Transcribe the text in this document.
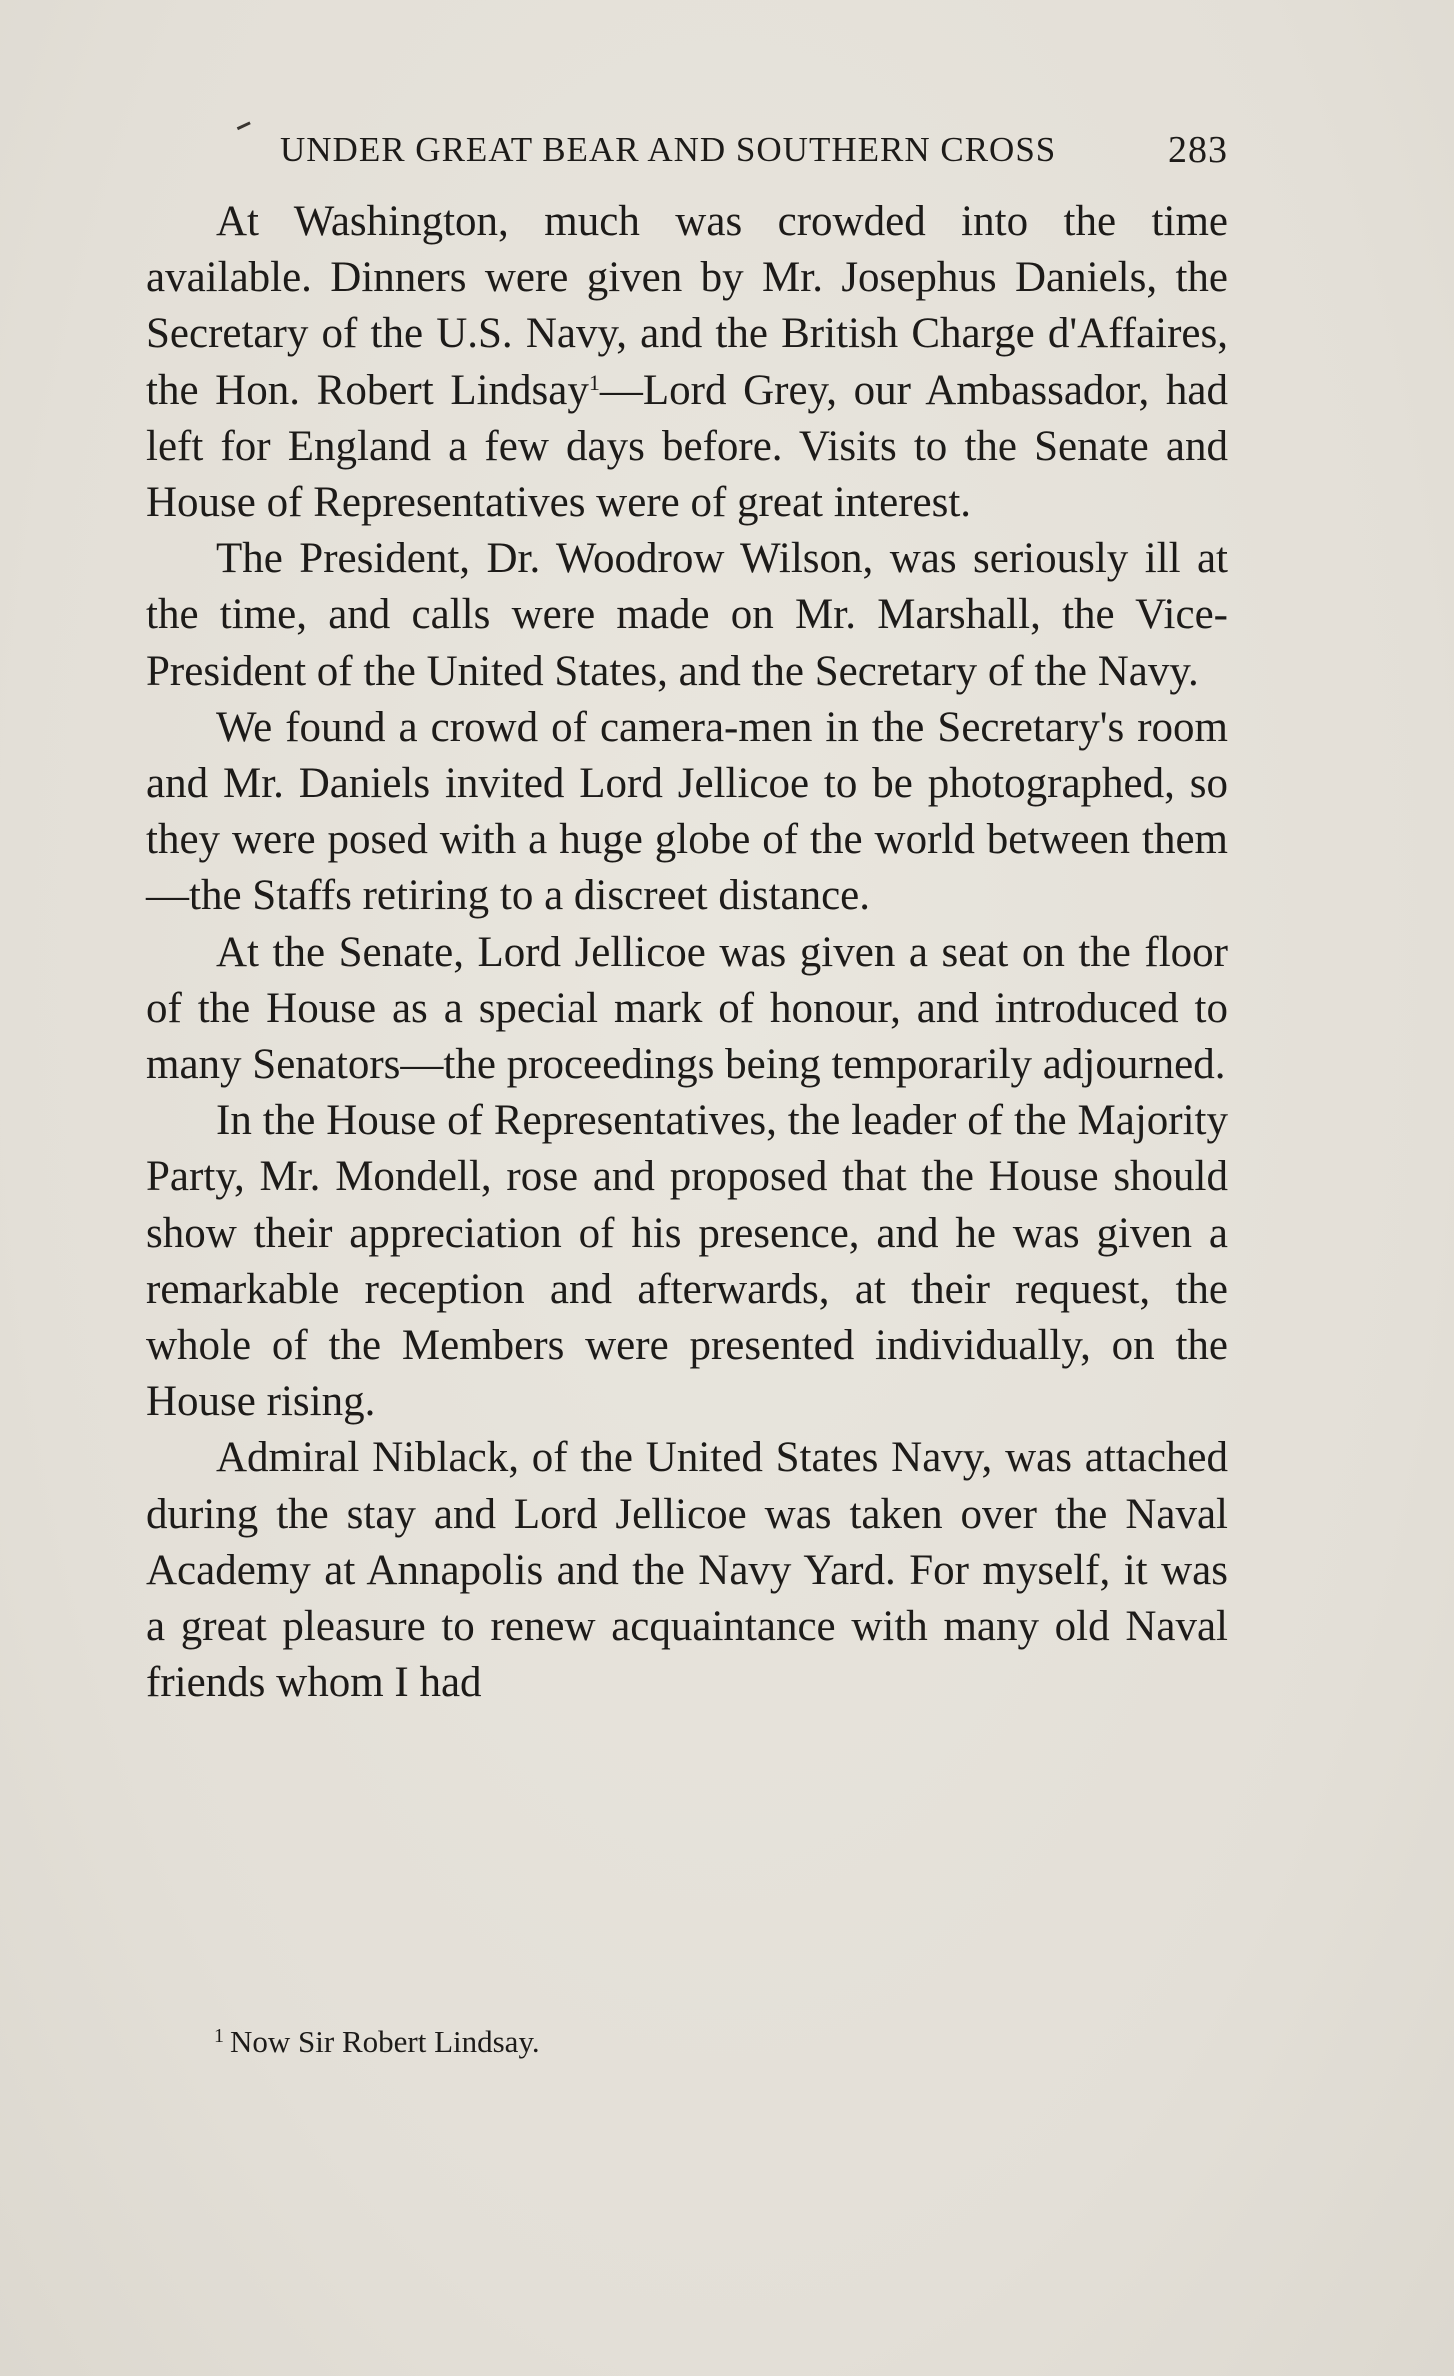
UNDER GREAT BEAR AND SOUTHERN CROSS	283

At Washington, much was crowded into the time available. Dinners were given by Mr. Josephus Daniels, the Secretary of the U.S. Navy, and the British Charge d'Affaires, the Hon. Robert Lindsay$^1$—Lord Grey, our Ambassador, had left for England a few days before. Visits to the Senate and House of Representatives were of great interest.

The President, Dr. Woodrow Wilson, was seriously ill at the time, and calls were made on Mr. Marshall, the Vice-President of the United States, and the Secretary of the Navy.

We found a crowd of camera-men in the Secretary's room and Mr. Daniels invited Lord Jellicoe to be photographed, so they were posed with a huge globe of the world between them—the Staffs retiring to a discreet distance.

At the Senate, Lord Jellicoe was given a seat on the floor of the House as a special mark of honour, and introduced to many Senators—the proceedings being temporarily adjourned.

In the House of Representatives, the leader of the Majority Party, Mr. Mondell, rose and proposed that the House should show their appreciation of his presence, and he was given a remarkable reception and afterwards, at their request, the whole of the Members were presented individually, on the House rising.

Admiral Niblack, of the United States Navy, was attached during the stay and Lord Jellicoe was taken over the Naval Academy at Annapolis and the Navy Yard. For myself, it was a great pleasure to renew acquaintance with many old Naval friends whom I had

$^1$ Now Sir Robert Lindsay.
